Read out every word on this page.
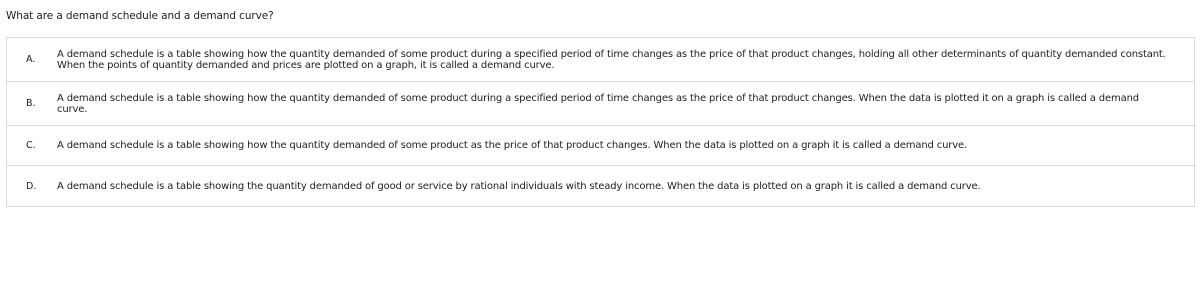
What are a demand schedule and a demand curve?
A.	A demand schedule is a table showing how the quantity demanded of some product during a specified period of time changes as the price of that product changes, holding all other determinants of quantity demanded constant. When the points of quantity demanded and prices are plotted on a graph, it is called a demand curve.
B.	A demand schedule is a table showing how the quantity demanded of some product during a specified period of time changes as the price of that product changes. When the data is plotted it on a graph is called a demand curve.
C.	A demand schedule is a table showing how the quantity demanded of some product as the price of that product changes. When the data is plotted on a graph it is called a demand curve.
D.	A demand schedule is a table showing the quantity demanded of good or service by rational individuals with steady income. When the data is plotted on a graph it is called a demand curve.
